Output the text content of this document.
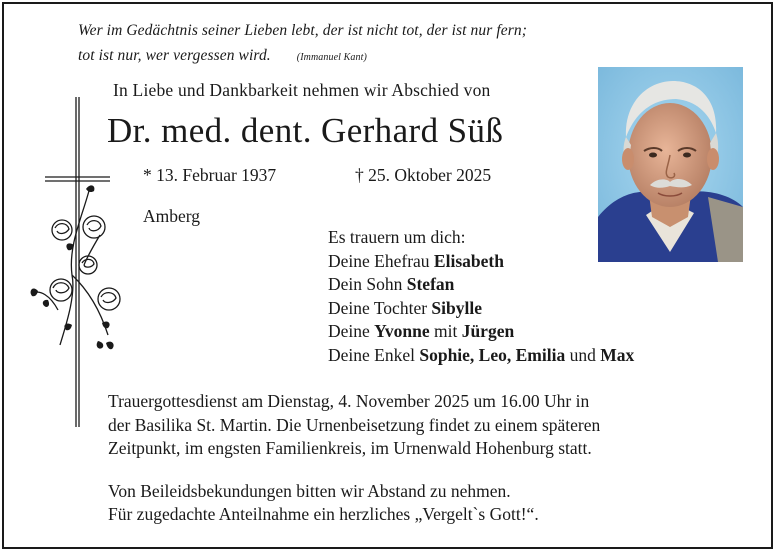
Wer im Gedächtnis seiner Lieben lebt, der ist nicht tot, der ist nur fern;
tot ist nur, wer vergessen wird.	(Immanuel Kant)
In Liebe und Dankbarkeit nehmen wir Abschied von
Dr. med. dent. Gerhard Süß
* 13. Februar 1937	† 25. Oktober 2025
Amberg
Es trauern um dich:
Deine Ehefrau Elisabeth
Dein Sohn Stefan
Deine Tochter Sibylle
Deine Yvonne mit Jürgen
Deine Enkel Sophie, Leo, Emilia und Max
Trauergottesdienst am Dienstag, 4. November 2025 um 16.00 Uhr in
der Basilika St. Martin. Die Urnenbeisetzung findet zu einem späteren
Zeitpunkt, im engsten Familienkreis, im Urnenwald Hohenburg statt.
Von Beileidsbekundungen bitten wir Abstand zu nehmen.
Für zugedachte Anteilnahme ein herzliches „Vergelt`s Gott!“.
